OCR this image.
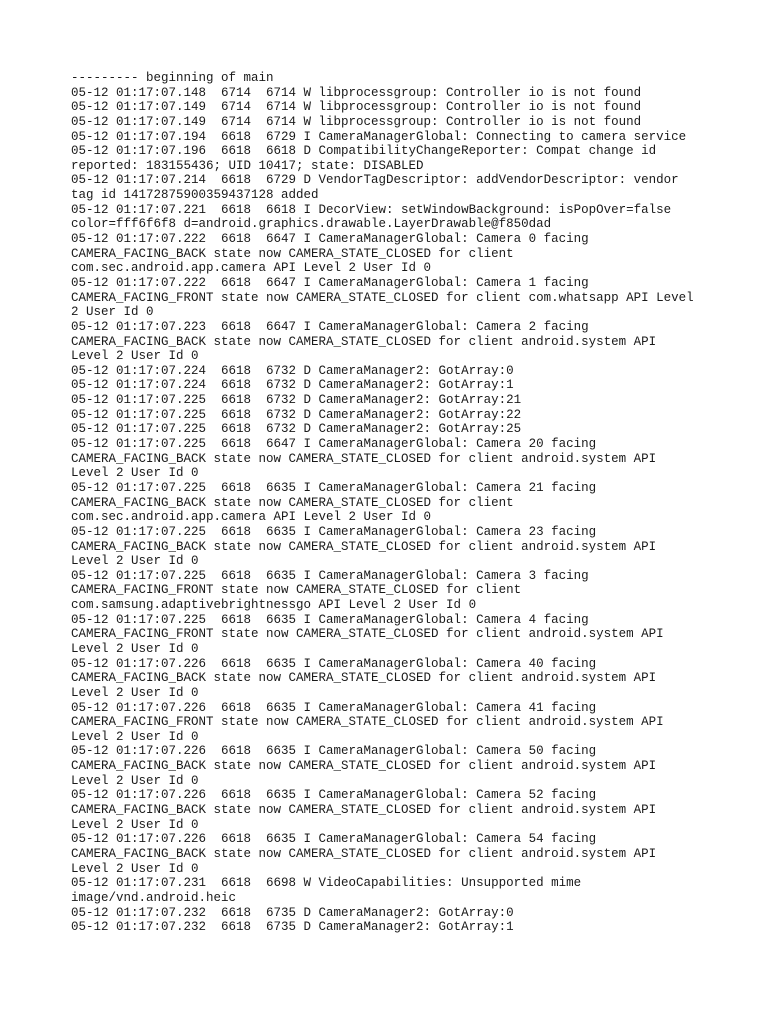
--------- beginning of main
05-12 01:17:07.148  6714  6714 W libprocessgroup: Controller io is not found
05-12 01:17:07.149  6714  6714 W libprocessgroup: Controller io is not found
05-12 01:17:07.149  6714  6714 W libprocessgroup: Controller io is not found
05-12 01:17:07.194  6618  6729 I CameraManagerGlobal: Connecting to camera service
05-12 01:17:07.196  6618  6618 D CompatibilityChangeReporter: Compat change id
reported: 183155436; UID 10417; state: DISABLED
05-12 01:17:07.214  6618  6729 D VendorTagDescriptor: addVendorDescriptor: vendor
tag id 14172875900359437128 added
05-12 01:17:07.221  6618  6618 I DecorView: setWindowBackground: isPopOver=false
color=fff6f6f8 d=android.graphics.drawable.LayerDrawable@f850dad
05-12 01:17:07.222  6618  6647 I CameraManagerGlobal: Camera 0 facing
CAMERA_FACING_BACK state now CAMERA_STATE_CLOSED for client
com.sec.android.app.camera API Level 2 User Id 0
05-12 01:17:07.222  6618  6647 I CameraManagerGlobal: Camera 1 facing
CAMERA_FACING_FRONT state now CAMERA_STATE_CLOSED for client com.whatsapp API Level
2 User Id 0
05-12 01:17:07.223  6618  6647 I CameraManagerGlobal: Camera 2 facing
CAMERA_FACING_BACK state now CAMERA_STATE_CLOSED for client android.system API
Level 2 User Id 0
05-12 01:17:07.224  6618  6732 D CameraManager2: GotArray:0
05-12 01:17:07.224  6618  6732 D CameraManager2: GotArray:1
05-12 01:17:07.225  6618  6732 D CameraManager2: GotArray:21
05-12 01:17:07.225  6618  6732 D CameraManager2: GotArray:22
05-12 01:17:07.225  6618  6732 D CameraManager2: GotArray:25
05-12 01:17:07.225  6618  6647 I CameraManagerGlobal: Camera 20 facing
CAMERA_FACING_BACK state now CAMERA_STATE_CLOSED for client android.system API
Level 2 User Id 0
05-12 01:17:07.225  6618  6635 I CameraManagerGlobal: Camera 21 facing
CAMERA_FACING_BACK state now CAMERA_STATE_CLOSED for client
com.sec.android.app.camera API Level 2 User Id 0
05-12 01:17:07.225  6618  6635 I CameraManagerGlobal: Camera 23 facing
CAMERA_FACING_BACK state now CAMERA_STATE_CLOSED for client android.system API
Level 2 User Id 0
05-12 01:17:07.225  6618  6635 I CameraManagerGlobal: Camera 3 facing
CAMERA_FACING_FRONT state now CAMERA_STATE_CLOSED for client
com.samsung.adaptivebrightnessgo API Level 2 User Id 0
05-12 01:17:07.225  6618  6635 I CameraManagerGlobal: Camera 4 facing
CAMERA_FACING_FRONT state now CAMERA_STATE_CLOSED for client android.system API
Level 2 User Id 0
05-12 01:17:07.226  6618  6635 I CameraManagerGlobal: Camera 40 facing
CAMERA_FACING_BACK state now CAMERA_STATE_CLOSED for client android.system API
Level 2 User Id 0
05-12 01:17:07.226  6618  6635 I CameraManagerGlobal: Camera 41 facing
CAMERA_FACING_FRONT state now CAMERA_STATE_CLOSED for client android.system API
Level 2 User Id 0
05-12 01:17:07.226  6618  6635 I CameraManagerGlobal: Camera 50 facing
CAMERA_FACING_BACK state now CAMERA_STATE_CLOSED for client android.system API
Level 2 User Id 0
05-12 01:17:07.226  6618  6635 I CameraManagerGlobal: Camera 52 facing
CAMERA_FACING_BACK state now CAMERA_STATE_CLOSED for client android.system API
Level 2 User Id 0
05-12 01:17:07.226  6618  6635 I CameraManagerGlobal: Camera 54 facing
CAMERA_FACING_BACK state now CAMERA_STATE_CLOSED for client android.system API
Level 2 User Id 0
05-12 01:17:07.231  6618  6698 W VideoCapabilities: Unsupported mime
image/vnd.android.heic
05-12 01:17:07.232  6618  6735 D CameraManager2: GotArray:0
05-12 01:17:07.232  6618  6735 D CameraManager2: GotArray:1
